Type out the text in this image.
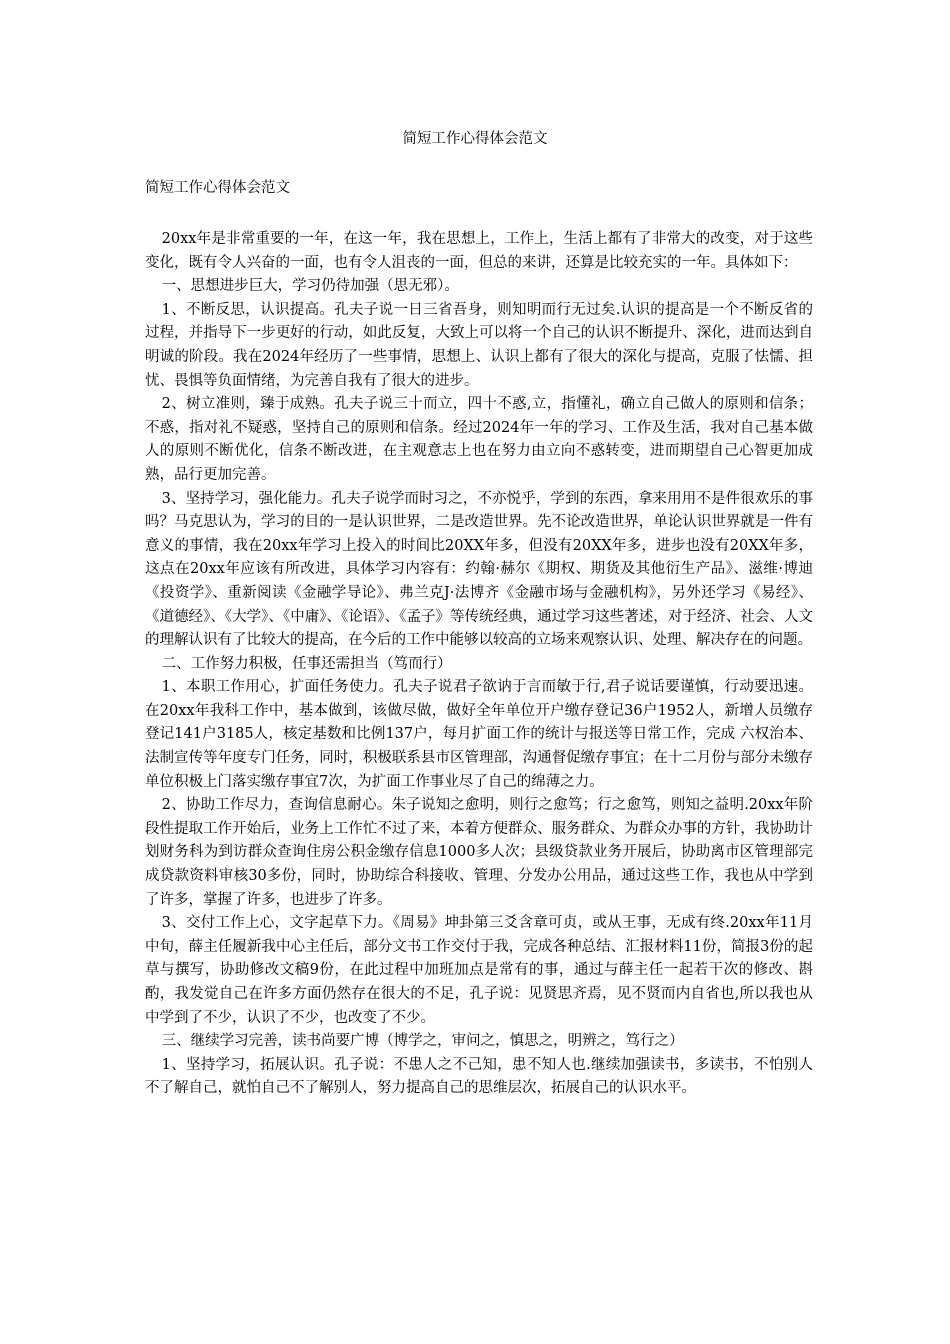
简短工作心得体会范文
简短工作心得体会范文

20xx年是非常重要的一年，在这一年，我在思想上，工作上，生活上都有了非常大的改变，对于这些变化，既有令人兴奋的一面，也有令人沮丧的一面，但总的来讲，还算是比较充实的一年。具体如下：

一、思想进步巨大，学习仍待加强（思无邪）。

1、不断反思，认识提高。孔夫子说一日三省吾身，则知明而行无过矣.认识的提高是一个不断反省的过程，并指导下一步更好的行动，如此反复，大致上可以将一个自己的认识不断提升、深化，进而达到自明诚的阶段。我在2024年经历了一些事情，思想上、认识上都有了很大的深化与提高，克服了怯懦、担忧、畏惧等负面情绪，为完善自我有了很大的进步。

2、树立准则，臻于成熟。孔夫子说三十而立，四十不惑,立，指懂礼，确立自己做人的原则和信条；不惑，指对礼不疑惑，坚持自己的原则和信条。经过2024年一年的学习、工作及生活，我对自己基本做人的原则不断优化，信条不断改进，在主观意志上也在努力由立向不惑转变，进而期望自己心智更加成熟，品行更加完善。

3、坚持学习，强化能力。孔夫子说学而时习之，不亦悦乎，学到的东西，拿来用用不是件很欢乐的事吗？马克思认为，学习的目的一是认识世界，二是改造世界。先不论改造世界，单论认识世界就是一件有意义的事情，我在20xx年学习上投入的时间比20XX年多，但没有20XX年多，进步也没有20XX年多，这点在20xx年应该有所改进，具体学习内容有：约翰·赫尔《期权、期货及其他衍生产品》、滋维·博迪《投资学》、重新阅读《金融学导论》、弗兰克J·法博齐《金融市场与金融机构》，另外还学习《易经》、《道德经》、《大学》、《中庸》、《论语》、《孟子》等传统经典，通过学习这些著述，对于经济、社会、人文的理解认识有了比较大的提高，在今后的工作中能够以较高的立场来观察认识、处理、解决存在的问题。

二、工作努力积极，任事还需担当（笃而行）

1、本职工作用心，扩面任务使力。孔夫子说君子欲讷于言而敏于行,君子说话要谨慎，行动要迅速。在20xx年我科工作中，基本做到，该做尽做，做好全年单位开户缴存登记36户1952人，新增人员缴存登记141户3185人，核定基数和比例137户，每月扩面工作的统计与报送等日常工作，完成 六权治本、法制宣传等年度专门任务，同时，积极联系县市区管理部，沟通督促缴存事宜；在十二月份与部分未缴存单位积极上门落实缴存事宜7次，为扩面工作事业尽了自己的绵薄之力。

2、协助工作尽力，查询信息耐心。朱子说知之愈明，则行之愈笃；行之愈笃，则知之益明.20xx年阶段性提取工作开始后，业务上工作忙不过了来，本着方便群众、服务群众、为群众办事的方针，我协助计划财务科为到访群众查询住房公积金缴存信息1000多人次；县级贷款业务开展后，协助离市区管理部完成贷款资料审核30多份，同时，协助综合科接收、管理、分发办公用品，通过这些工作，我也从中学到了许多，掌握了许多，也进步了许多。

3、交付工作上心，文字起草下力。《周易》坤卦第三爻含章可贞，或从王事，无成有终.20xx年11月中旬，薛主任履新我中心主任后，部分文书工作交付于我，完成各种总结、汇报材料11份，简报3份的起草与撰写，协助修改文稿9份，在此过程中加班加点是常有的事，通过与薛主任一起若干次的修改、斟酌，我发觉自己在许多方面仍然存在很大的不足，孔子说：见贤思齐焉，见不贤而内自省也,所以我也从中学到了不少，认识了不少，也改变了不少。

三、继续学习完善，读书尚要广博（博学之，审问之，慎思之，明辨之，笃行之）

1、坚持学习，拓展认识。孔子说：不患人之不己知，患不知人也.继续加强读书，多读书，不怕别人不了解自己，就怕自己不了解别人，努力提高自己的思维层次，拓展自己的认识水平。
